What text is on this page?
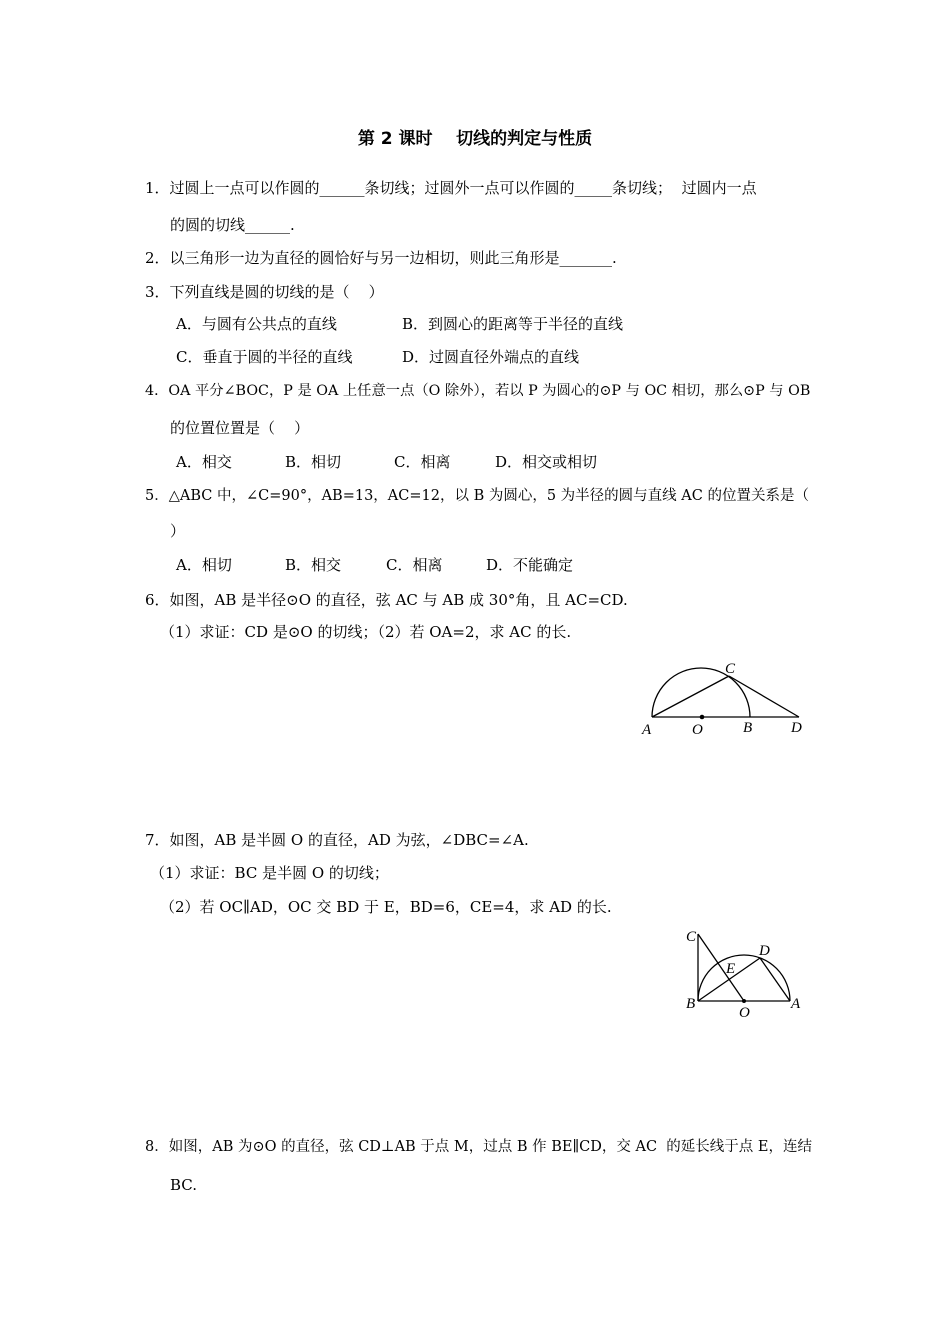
第 2 课时    切线的判定与性质
1．过圆上一点可以作圆的______条切线；过圆外一点可以作圆的_____条切线；  过圆内一点
的圆的切线______.
2．以三角形一边为直径的圆恰好与另一边相切，则此三角形是_______.
3．下列直线是圆的切线的是（    ）
A．与圆有公共点的直线	B．到圆心的距离等于半径的直线
C．垂直于圆的半径的直线	D．过圆直径外端点的直线
4．OA 平分∠BOC，P 是 OA 上任意一点（O 除外），若以 P 为圆心的⊙P 与 OC 相切，那么⊙P 与 OB
的位置位置是（    ）
A．相交	B．相切	C．相离	D．相交或相切
5．△ABC 中，∠C=90°，AB=13，AC=12，以 B 为圆心，5 为半径的圆与直线 AC 的位置关系是（
）
A．相切	B．相交	C．相离	D．不能确定
6．如图，AB 是半径⊙O 的直径，弦 AC 与 AB 成 30°角，且 AC=CD.
（1）求证：CD 是⊙O 的切线；（2）若 OA=2，求 AC 的长.
A	O	B
C
D
7．如图，AB 是半圆 O 的直径，AD 为弦，∠DBC=∠A.
（1）求证：BC 是半圆 O 的切线；
（2）若 OC∥AD，OC 交 BD 于 E，BD=6，CE=4，求 AD 的长.
C
D
E
B
O
A
8．如图，AB 为⊙O 的直径，弦 CD⊥AB 于点 M，过点 B 作 BE∥CD，交 AC  的延长线于点 E，连结
BC.
